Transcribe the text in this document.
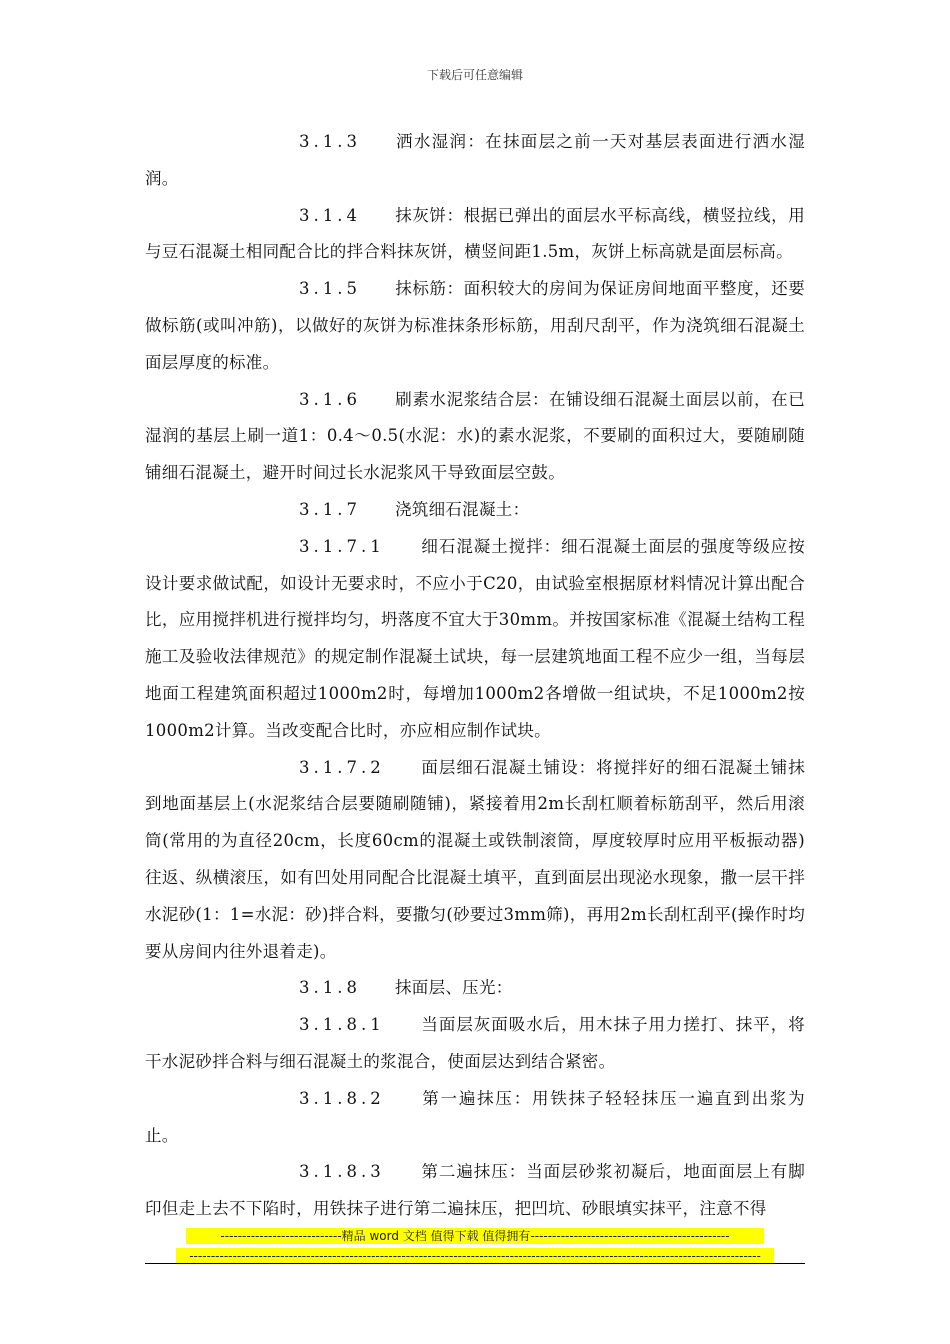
下载后可任意编辑

3.1.3 洒水湿润：在抹面层之前一天对基层表面进行洒水湿润。

3.1.4 抹灰饼：根据已弹出的面层水平标高线，横竖拉线，用与豆石混凝土相同配合比的拌合料抹灰饼，横竖间距1.5m，灰饼上标高就是面层标高。

3.1.5 抹标筋：面积较大的房间为保证房间地面平整度，还要做标筋(或叫冲筋)，以做好的灰饼为标准抹条形标筋，用刮尺刮平，作为浇筑细石混凝土面层厚度的标准。

3.1.6 刷素水泥浆结合层：在铺设细石混凝土面层以前，在已湿润的基层上刷一道1：0.4～0.5(水泥：水)的素水泥浆，不要刷的面积过大，要随刷随铺细石混凝土，避开时间过长水泥浆风干导致面层空鼓。

3.1.7 浇筑细石混凝土：

3.1.7.1 细石混凝土搅拌：细石混凝土面层的强度等级应按设计要求做试配，如设计无要求时，不应小于C20，由试验室根据原材料情况计算出配合比，应用搅拌机进行搅拌均匀，坍落度不宜大于30mm。并按国家标准《混凝土结构工程施工及验收法律规范》的规定制作混凝土试块，每一层建筑地面工程不应少一组，当每层地面工程建筑面积超过1000m2时，每增加1000m2各增做一组试块，不足1000m2按1000m2计算。当改变配合比时，亦应相应制作试块。

3.1.7.2 面层细石混凝土铺设：将搅拌好的细石混凝土铺抹到地面基层上(水泥浆结合层要随刷随铺)，紧接着用2m长刮杠顺着标筋刮平，然后用滚筒(常用的为直径20cm，长度60cm的混凝土或铁制滚筒，厚度较厚时应用平板振动器)往返、纵横滚压，如有凹处用同配合比混凝土填平，直到面层出现泌水现象，撒一层干拌水泥砂(1：1=水泥：砂)拌合料，要撒匀(砂要过3mm筛)，再用2m长刮杠刮平(操作时均要从房间内往外退着走)。

3.1.8 抹面层、压光：

3.1.8.1 当面层灰面吸水后，用木抹子用力搓打、抹平，将干水泥砂拌合料与细石混凝土的浆混合，使面层达到结合紧密。

3.1.8.2 第一遍抹压：用铁抹子轻轻抹压一遍直到出浆为止。

3.1.8.3 第二遍抹压：当面层砂浆初凝后，地面面层上有脚印但走上去不下陷时，用铁抹子进行第二遍抹压，把凹坑、砂眼填实抹平，注意不得

----------------------------精品 word 文档 值得下载 值得拥有----------------------------------------------
------------------------------------------------------------------------------------------------------------------------------------
